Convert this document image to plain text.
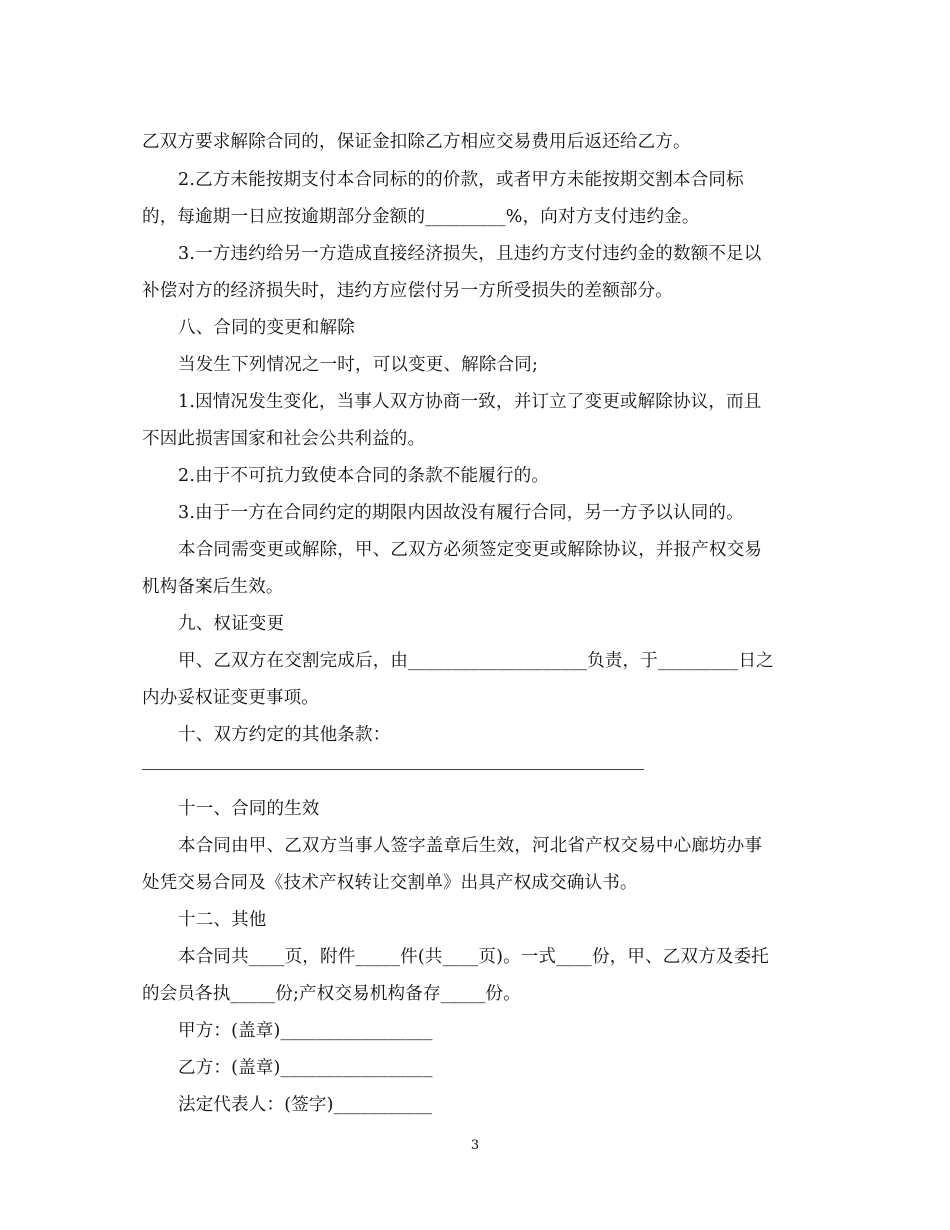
乙双方要求解除合同的，保证金扣除乙方相应交易费用后返还给乙方。
2.乙方未能按期支付本合同标的的价款，或者甲方未能按期交割本合同标
的，每逾期一日应按逾期部分金额的_________%，向对方支付违约金。
3.一方违约给另一方造成直接经济损失，且违约方支付违约金的数额不足以
补偿对方的经济损失时，违约方应偿付另一方所受损失的差额部分。
八、合同的变更和解除
当发生下列情况之一时，可以变更、解除合同;
1.因情况发生变化，当事人双方协商一致，并订立了变更或解除协议，而且
不因此损害国家和社会公共利益的。
2.由于不可抗力致使本合同的条款不能履行的。
3.由于一方在合同约定的期限内因故没有履行合同，另一方予以认同的。
本合同需变更或解除，甲、乙双方必须签定变更或解除协议，并报产权交易
机构备案后生效。
九、权证变更
甲、乙双方在交割完成后，由____________________负责，于_________日之
内办妥权证变更事项。
十、双方约定的其他条款：
十一、合同的生效
本合同由甲、乙双方当事人签字盖章后生效，河北省产权交易中心廊坊办事
处凭交易合同及《技术产权转让交割单》出具产权成交确认书。
十二、其他
本合同共____页，附件_____件(共____页)。一式____份，甲、乙双方及委托
的会员各执_____份;产权交易机构备存_____份。
甲方：(盖章)_________________
乙方：(盖章)_________________
法定代表人：(签字)___________
3
